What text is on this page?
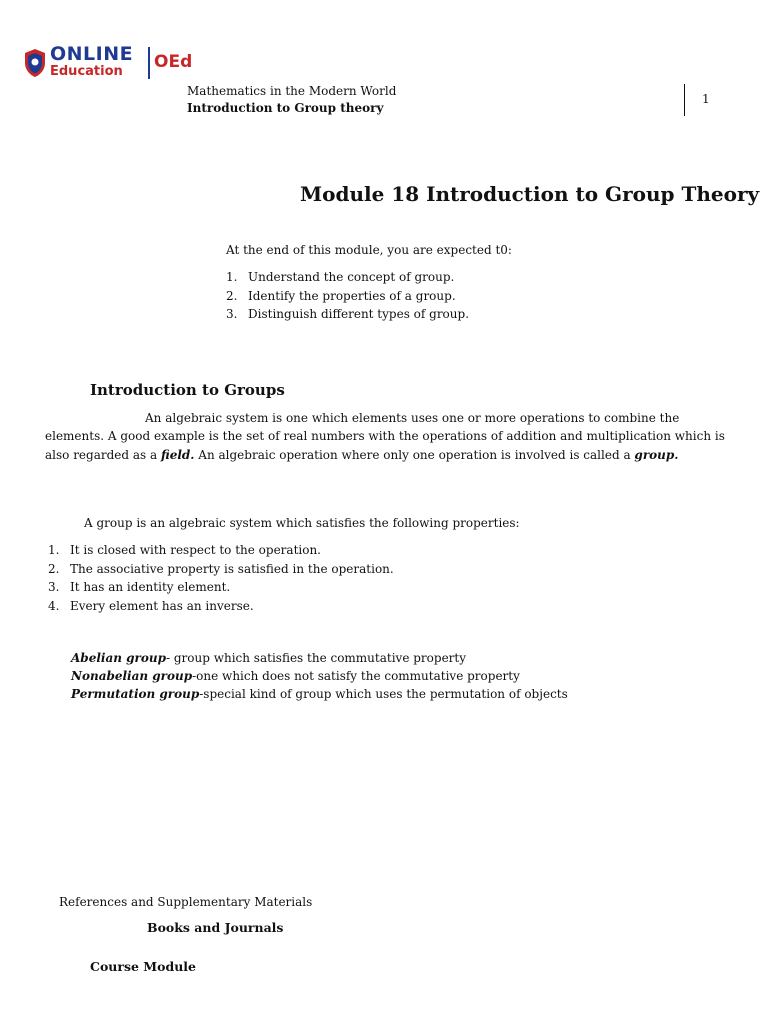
ONLINE
Education OEd
Mathematics in the Modern World
Introduction to Group theory
1
Module 18 Introduction to Group Theory
At the end of this module, you are expected t0:
1. Understand the concept of group.
2. Identify the properties of a group.
3. Distinguish different types of group.
Introduction to Groups
An algebraic system is one which elements uses one or more operations to combine the elements. A good example is the set of real numbers with the operations of addition and multiplication which is also regarded as a field. An algebraic operation where only one operation is involved is called a group.
A group is an algebraic system which satisfies the following properties:
1. It is closed with respect to the operation.
2. The associative property is satisfied in the operation.
3. It has an identity element.
4. Every element has an inverse.
Abelian group- group which satisfies the commutative property
Nonabelian group-one which does not satisfy the commutative property
Permutation group-special kind of group which uses the permutation of objects
References and Supplementary Materials
Books and Journals
Course Module
